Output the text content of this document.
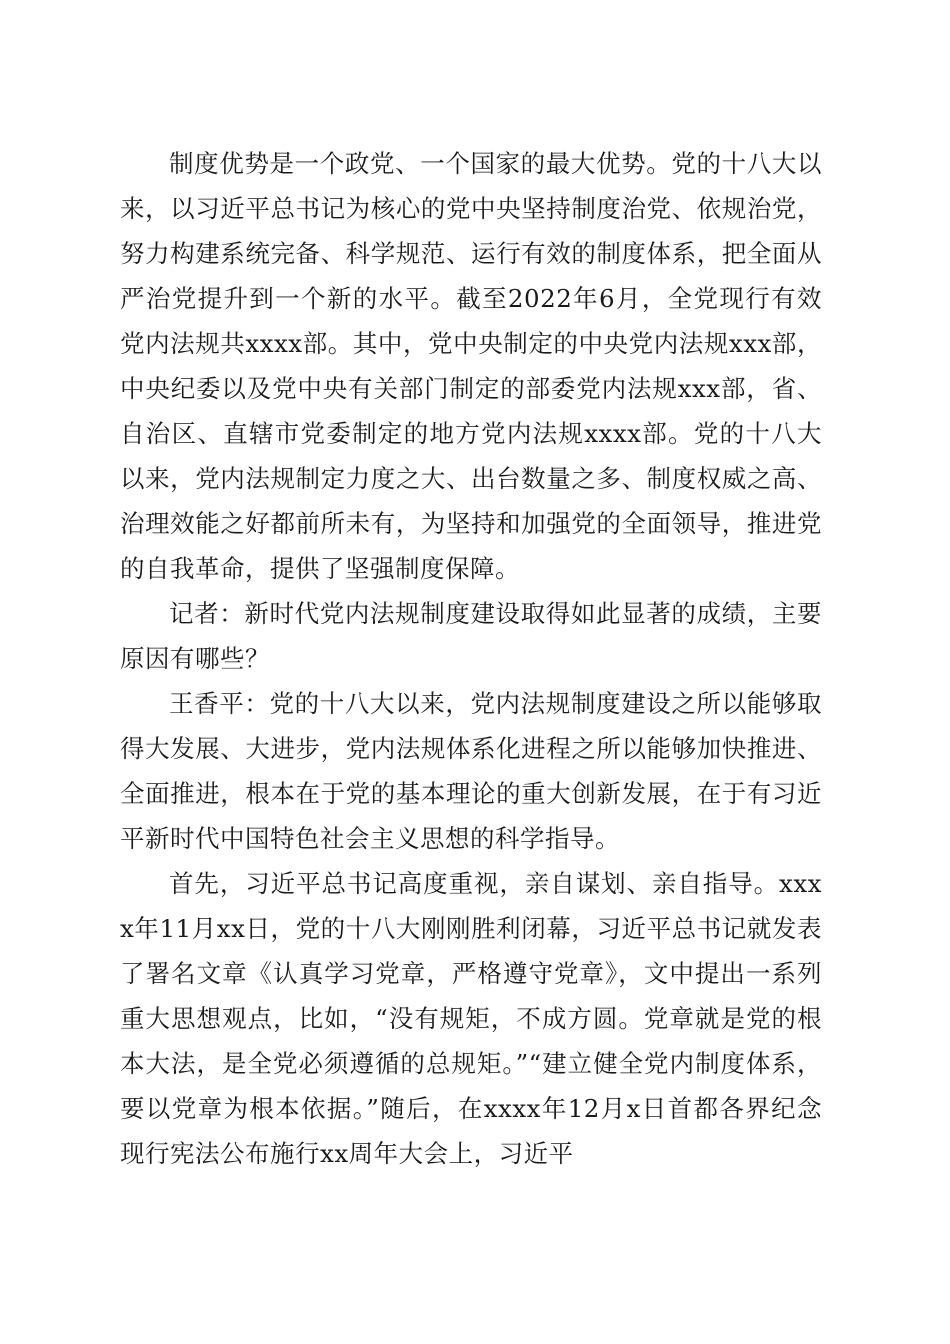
制度优势是一个政党、一个国家的最大优势。党的十八大以来，以习近平总书记为核心的党中央坚持制度治党、依规治党，努力构建系统完备、科学规范、运行有效的制度体系，把全面从严治党提升到一个新的水平。截至2022年6月，全党现行有效党内法规共xxxx部。其中，党中央制定的中央党内法规xxx部，中央纪委以及党中央有关部门制定的部委党内法规xxx部，省、自治区、直辖市党委制定的地方党内法规xxxx部。党的十八大以来，党内法规制定力度之大、出台数量之多、制度权威之高、治理效能之好都前所未有，为坚持和加强党的全面领导，推进党的自我革命，提供了坚强制度保障。

记者：新时代党内法规制度建设取得如此显著的成绩，主要原因有哪些？

王香平：党的十八大以来，党内法规制度建设之所以能够取得大发展、大进步，党内法规体系化进程之所以能够加快推进、全面推进，根本在于党的基本理论的重大创新发展，在于有习近平新时代中国特色社会主义思想的科学指导。

首先，习近平总书记高度重视，亲自谋划、亲自指导。xxxx年11月xx日，党的十八大刚刚胜利闭幕，习近平总书记就发表了署名文章《认真学习党章，严格遵守党章》，文中提出一系列重大思想观点，比如，“没有规矩，不成方圆。党章就是党的根本大法，是全党必须遵循的总规矩。”“建立健全党内制度体系，要以党章为根本依据。”随后，在xxxx年12月x日首都各界纪念现行宪法公布施行xx周年大会上，习近平
